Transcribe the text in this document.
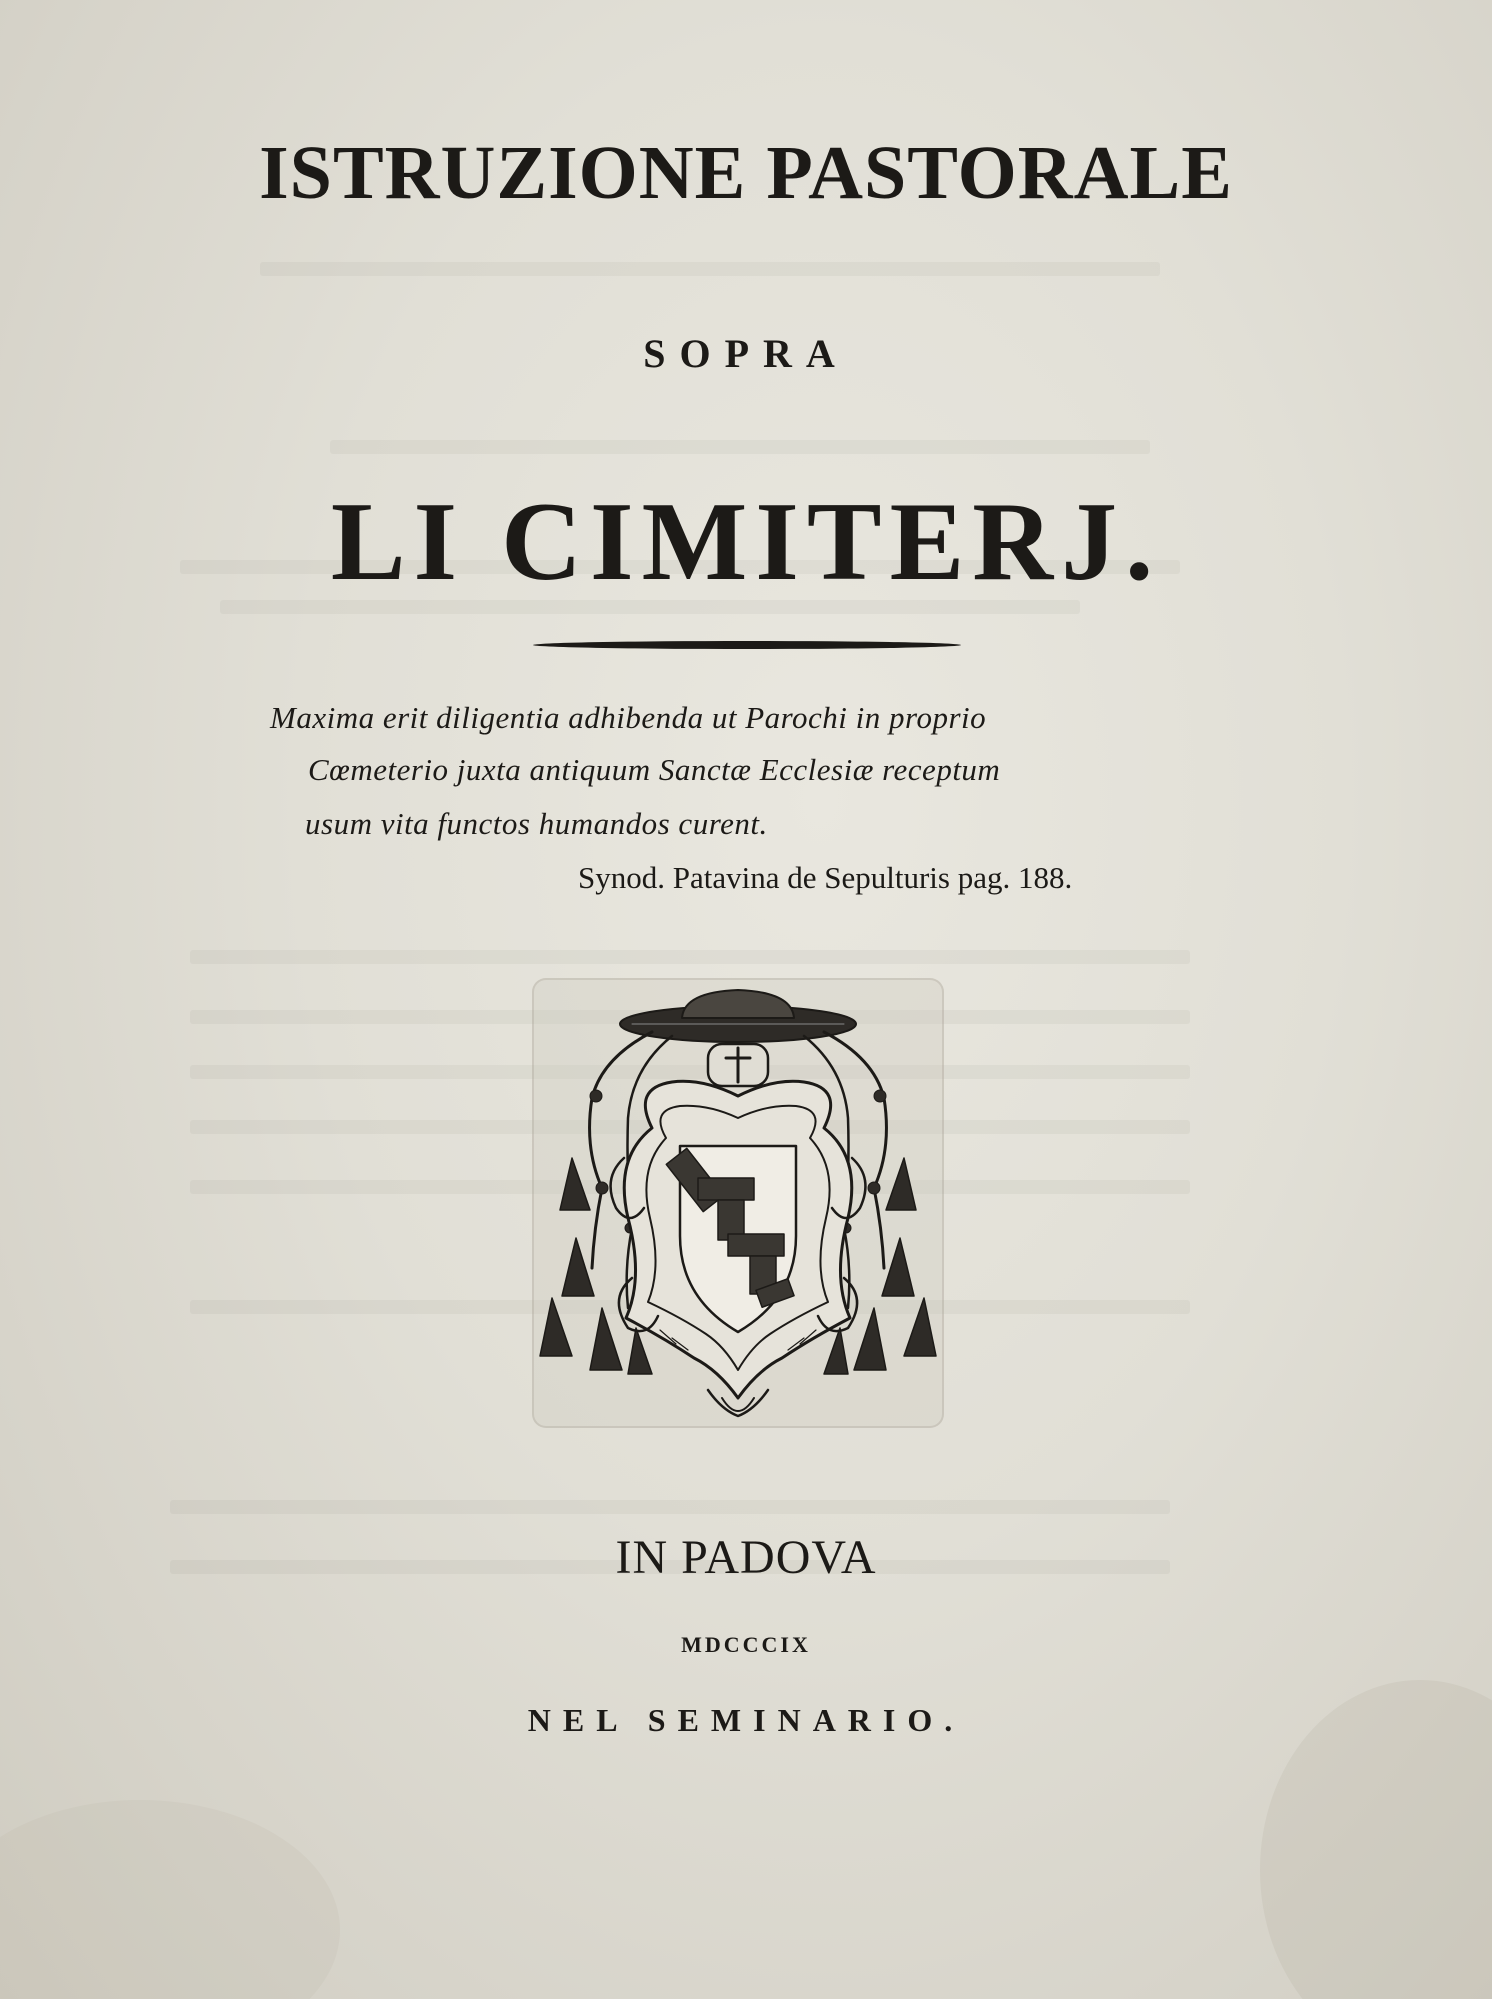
ISTRUZIONE PASTORALE
SOPRA
LI CIMITERJ.
Maxima erit diligentia adhibenda ut Parochi in proprio
Cœmeterio juxta antiquum Sanctæ Ecclesiæ receptum
usum vita functos humandos curent.
Synod. Patavina de Sepulturis pag. 188.
IN PADOVA
MDCCCIX
NEL SEMINARIO.
